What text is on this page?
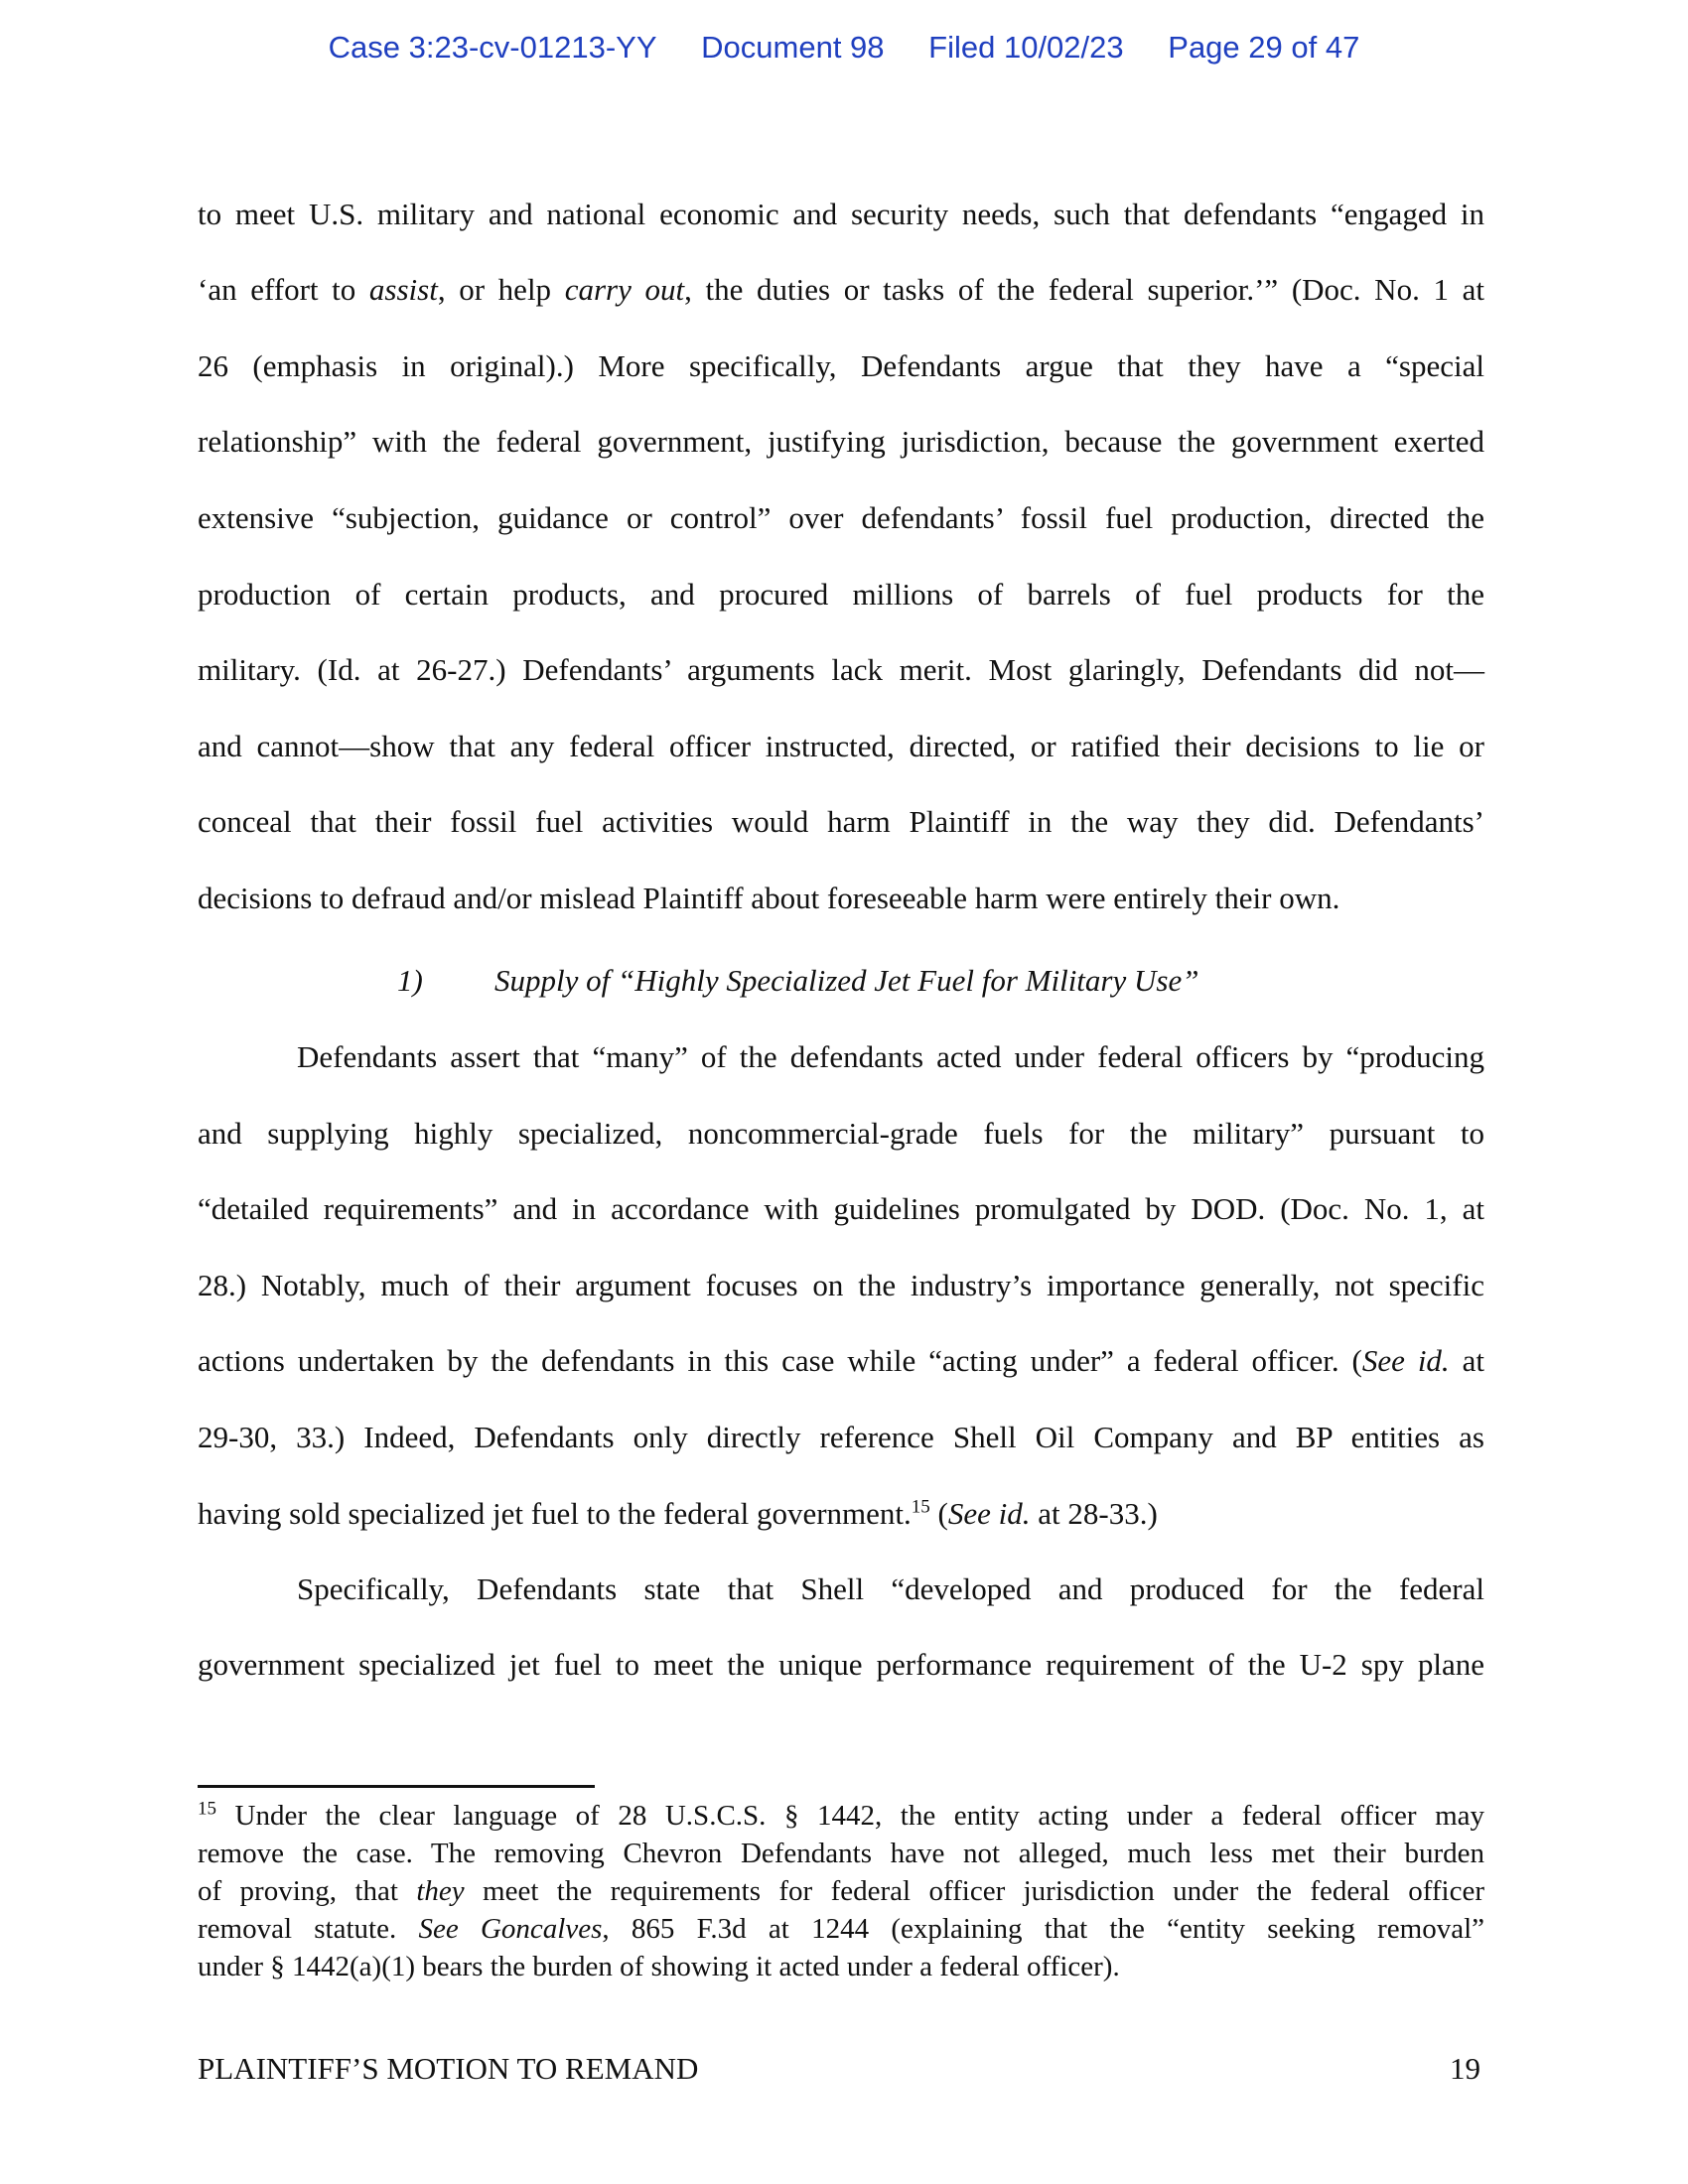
Case 3:23-cv-01213-YY Document 98 Filed 10/02/23 Page 29 of 47
to meet U.S. military and national economic and security needs, such that defendants “engaged in
‘an effort to assist, or help carry out, the duties or tasks of the federal superior.’” (Doc. No. 1 at
26 (emphasis in original).) More specifically, Defendants argue that they have a “special
relationship” with the federal government, justifying jurisdiction, because the government exerted
extensive “subjection, guidance or control” over defendants’ fossil fuel production, directed the
production of certain products, and procured millions of barrels of fuel products for the
military. (Id. at 26-27.) Defendants’ arguments lack merit. Most glaringly, Defendants did not—
and cannot—show that any federal officer instructed, directed, or ratified their decisions to lie or
conceal that their fossil fuel activities would harm Plaintiff in the way they did. Defendants’
decisions to defraud and/or mislead Plaintiff about foreseeable harm were entirely their own.
1) Supply of “Highly Specialized Jet Fuel for Military Use”
Defendants assert that “many” of the defendants acted under federal officers by “producing
and supplying highly specialized, noncommercial-grade fuels for the military” pursuant to
“detailed requirements” and in accordance with guidelines promulgated by DOD. (Doc. No. 1, at
28.) Notably, much of their argument focuses on the industry’s importance generally, not specific
actions undertaken by the defendants in this case while “acting under” a federal officer. (See id. at
29-30, 33.) Indeed, Defendants only directly reference Shell Oil Company and BP entities as
having sold specialized jet fuel to the federal government.$^{15}$ (See id. at 28-33.)
Specifically, Defendants state that Shell “developed and produced for the federal
government specialized jet fuel to meet the unique performance requirement of the U-2 spy plane
$^{15}$ Under the clear language of 28 U.S.C.S. § 1442, the entity acting under a federal officer may
remove the case. The removing Chevron Defendants have not alleged, much less met their burden
of proving, that they meet the requirements for federal officer jurisdiction under the federal officer
removal statute. See Goncalves, 865 F.3d at 1244 (explaining that the “entity seeking removal”
under § 1442(a)(1) bears the burden of showing it acted under a federal officer).
PLAINTIFF’S MOTION TO REMAND	19
